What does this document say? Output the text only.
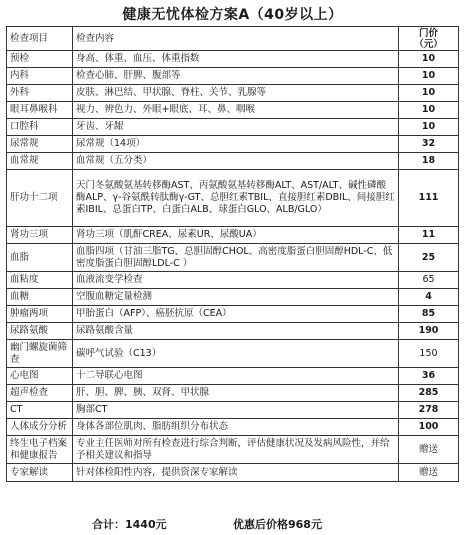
健康无忧体检方案A（40岁以上）
检查项目	检查内容	门价
（元）
预检	身高、体重、血压、体重指数	10
内科	检查心肺、肝脾、腹部等	10
外科	皮肤、淋巴结、甲状腺、脊柱、关节、乳腺等	10
眼耳鼻喉科	视力、辨色力、外眼+眼底、耳、鼻、咽喉	10
口腔科	牙齿、牙龈	10
尿常规	尿常规（14项）	32
血常规	血常规（五分类）	18
肝功十二项	天门冬氨酸氨基转移酶AST、丙氨酸氨基转移酶ALT、AST/ALT、碱性磷酸酶ALP、γ-谷氨酰转肽酶γ-GT、总胆红素TBIL、直接胆红素DBIL、间接胆红素IBIL、总蛋白TP、白蛋白ALB、球蛋白GLO、ALB/GLO）	111
肾功三项	肾功三项（肌酐CREA、尿素UR、尿酸UA）	11
血脂	血脂四项（甘油三脂TG、总胆固醇CHOL、高密度脂蛋白胆固醇HDL-C、低密度脂蛋白胆固醇LDL-C ）	25
血粘度	血液流变学检查	65
血糖	空腹血糖定量检测	4
肿瘤两项	甲胎蛋白（AFP）、癌胚抗原（CEA）	85
尿路氨酸	尿路氨酸含量	190
幽门螺旋菌筛查	碳呼气试验（C13）	150
心电图	十二导联心电图	36
超声检查	肝、胆、脾、胰、双肾、甲状腺	285
CT	胸部CT	278
人体成分分析	身体各部位肌肉、脂肪组织分布状态	100
终生电子档案和健康报告	专业主任医师对所有检查进行综合判断，评估健康状况及发病风险性，并给予相关建议和指导	赠送
专家解读	针对体检阳性内容，提供资深专家解读	赠送
合计：1440元	优惠后价格968元
